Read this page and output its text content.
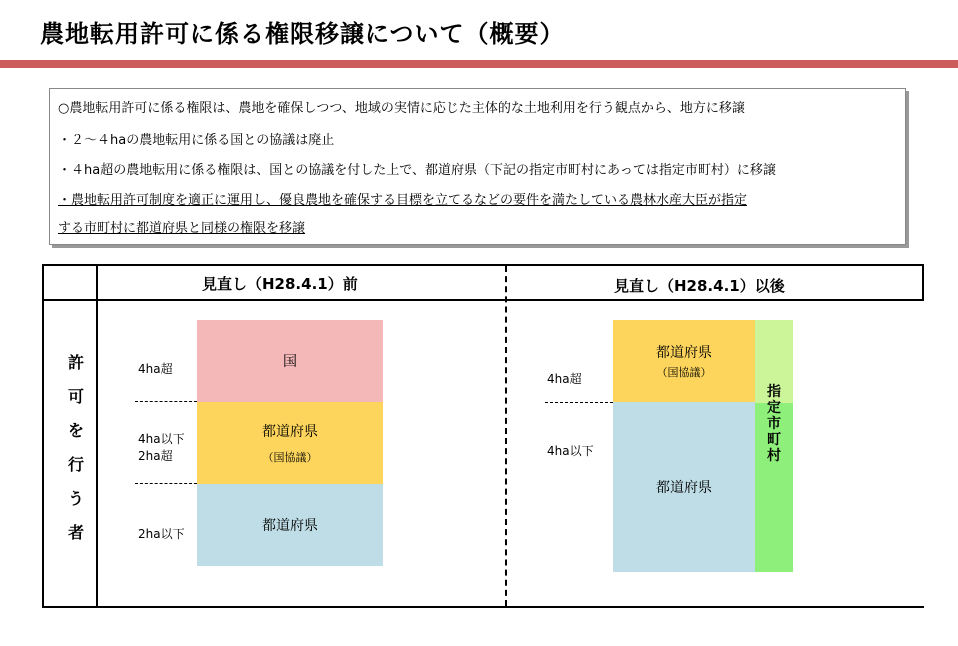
農地転用許可に係る権限移譲について（概要）
○農地転用許可に係る権限は、農地を確保しつつ、地域の実情に応じた主体的な土地利用を行う観点から、地方に移譲
・２～４haの農地転用に係る国との協議は廃止
・４ha超の農地転用に係る権限は、国との協議を付した上で、都道府県（下記の指定市町村にあっては指定市町村）に移譲
・農地転用許可制度を適正に運用し、優良農地を確保する目標を立てるなどの要件を満たしている農林水産大臣が指定
する市町村に都道府県と同様の権限を移譲
見直し（H28.4.1）前	見直し（H28.4.1）以後
許
可
を
行
う
者
4ha超
4ha以下
2ha超
2ha以下
国
都道府県
（国協議）
都道府県
4ha超
4ha以下
都道府県
（国協議）
都道府県
指
定
市
町
村
